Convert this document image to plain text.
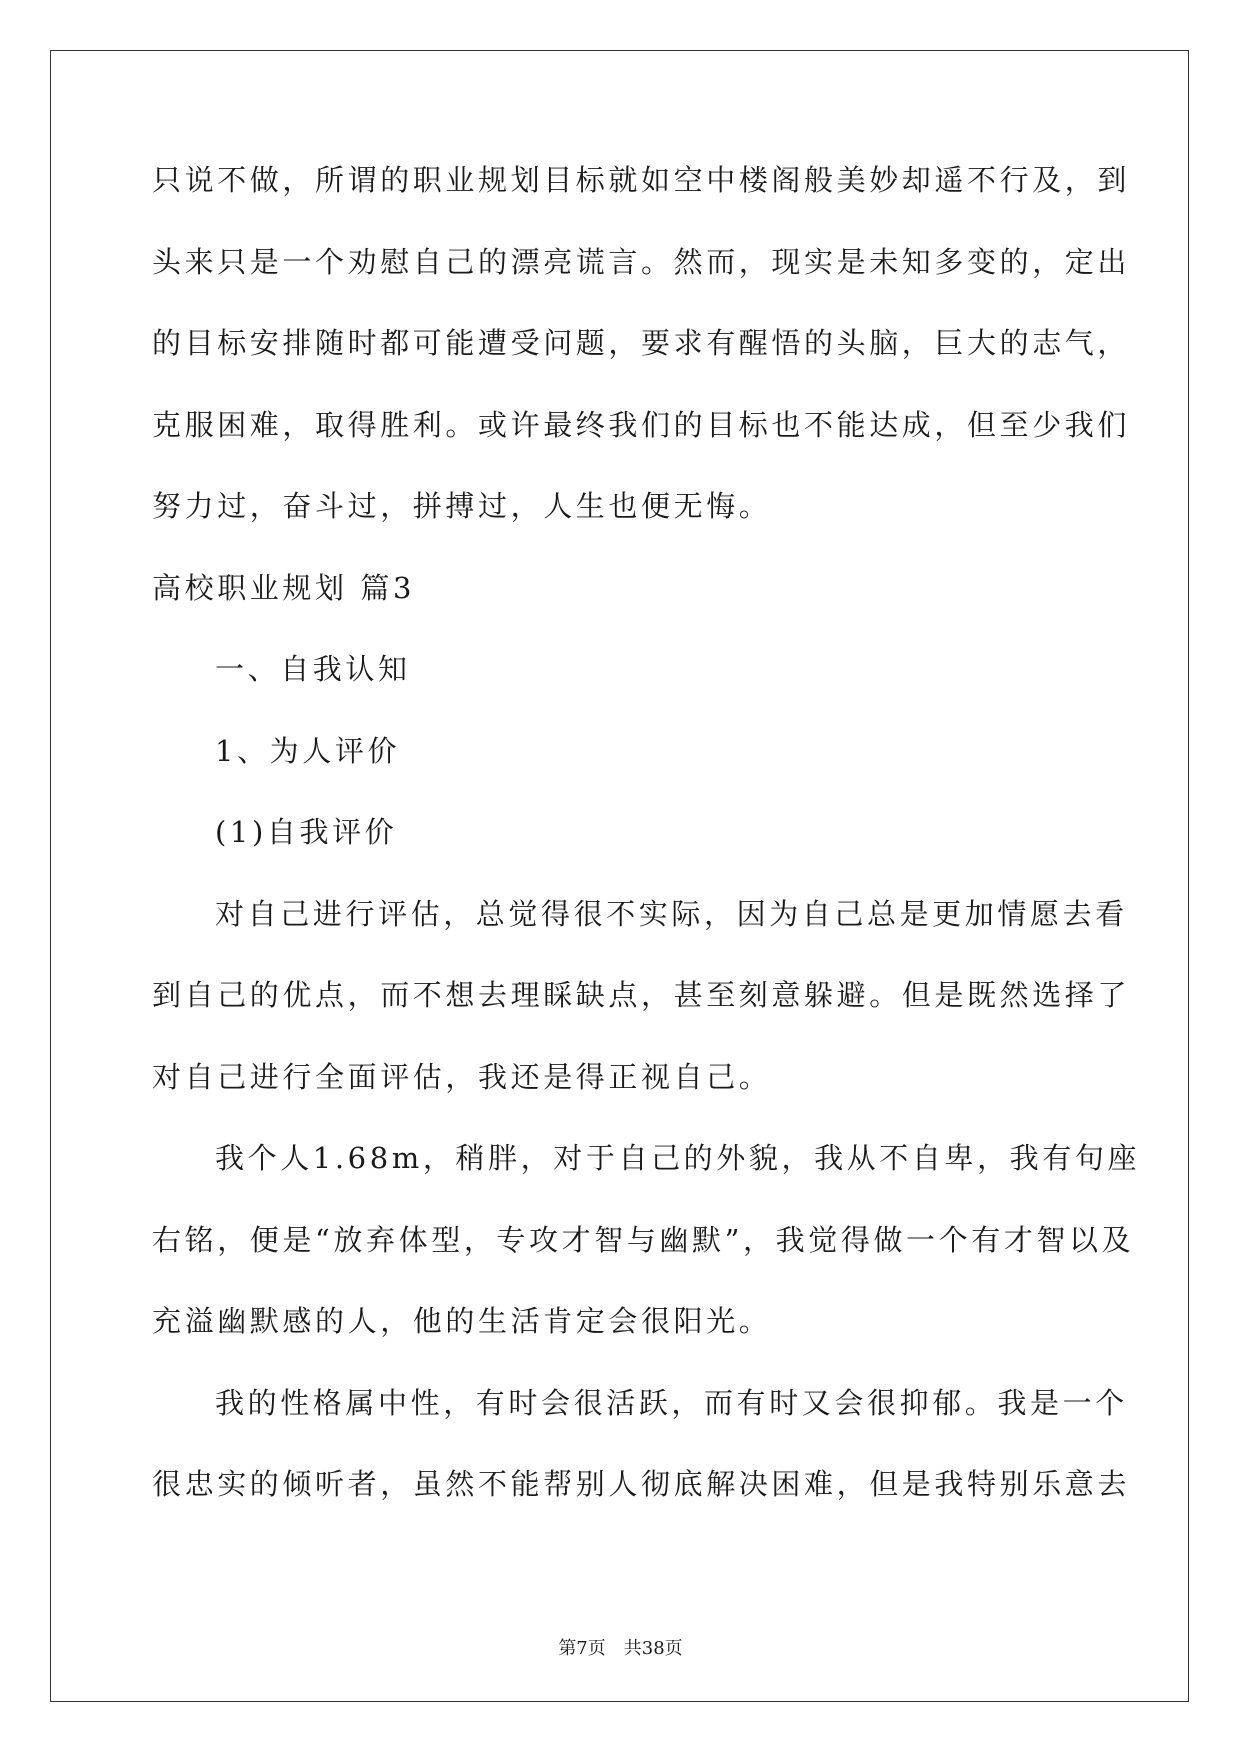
只说不做，所谓的职业规划目标就如空中楼阁般美妙却遥不行及，到
头来只是一个劝慰自己的漂亮谎言。然而，现实是未知多变的，定出
的目标安排随时都可能遭受问题，要求有醒悟的头脑，巨大的志气，
克服困难，取得胜利。或许最终我们的目标也不能达成，但至少我们
努力过，奋斗过，拼搏过，人生也便无悔。
高校职业规划 篇3
一、自我认知
1、为人评价
(1)自我评价
对自己进行评估，总觉得很不实际，因为自己总是更加情愿去看
到自己的优点，而不想去理睬缺点，甚至刻意躲避。但是既然选择了
对自己进行全面评估，我还是得正视自己。
我个人1.68m，稍胖，对于自己的外貌，我从不自卑，我有句座
右铭，便是“放弃体型，专攻才智与幽默”，我觉得做一个有才智以及
充溢幽默感的人，他的生活肯定会很阳光。
我的性格属中性，有时会很活跃，而有时又会很抑郁。我是一个
很忠实的倾听者，虽然不能帮别人彻底解决困难，但是我特别乐意去
第7页 共38页
